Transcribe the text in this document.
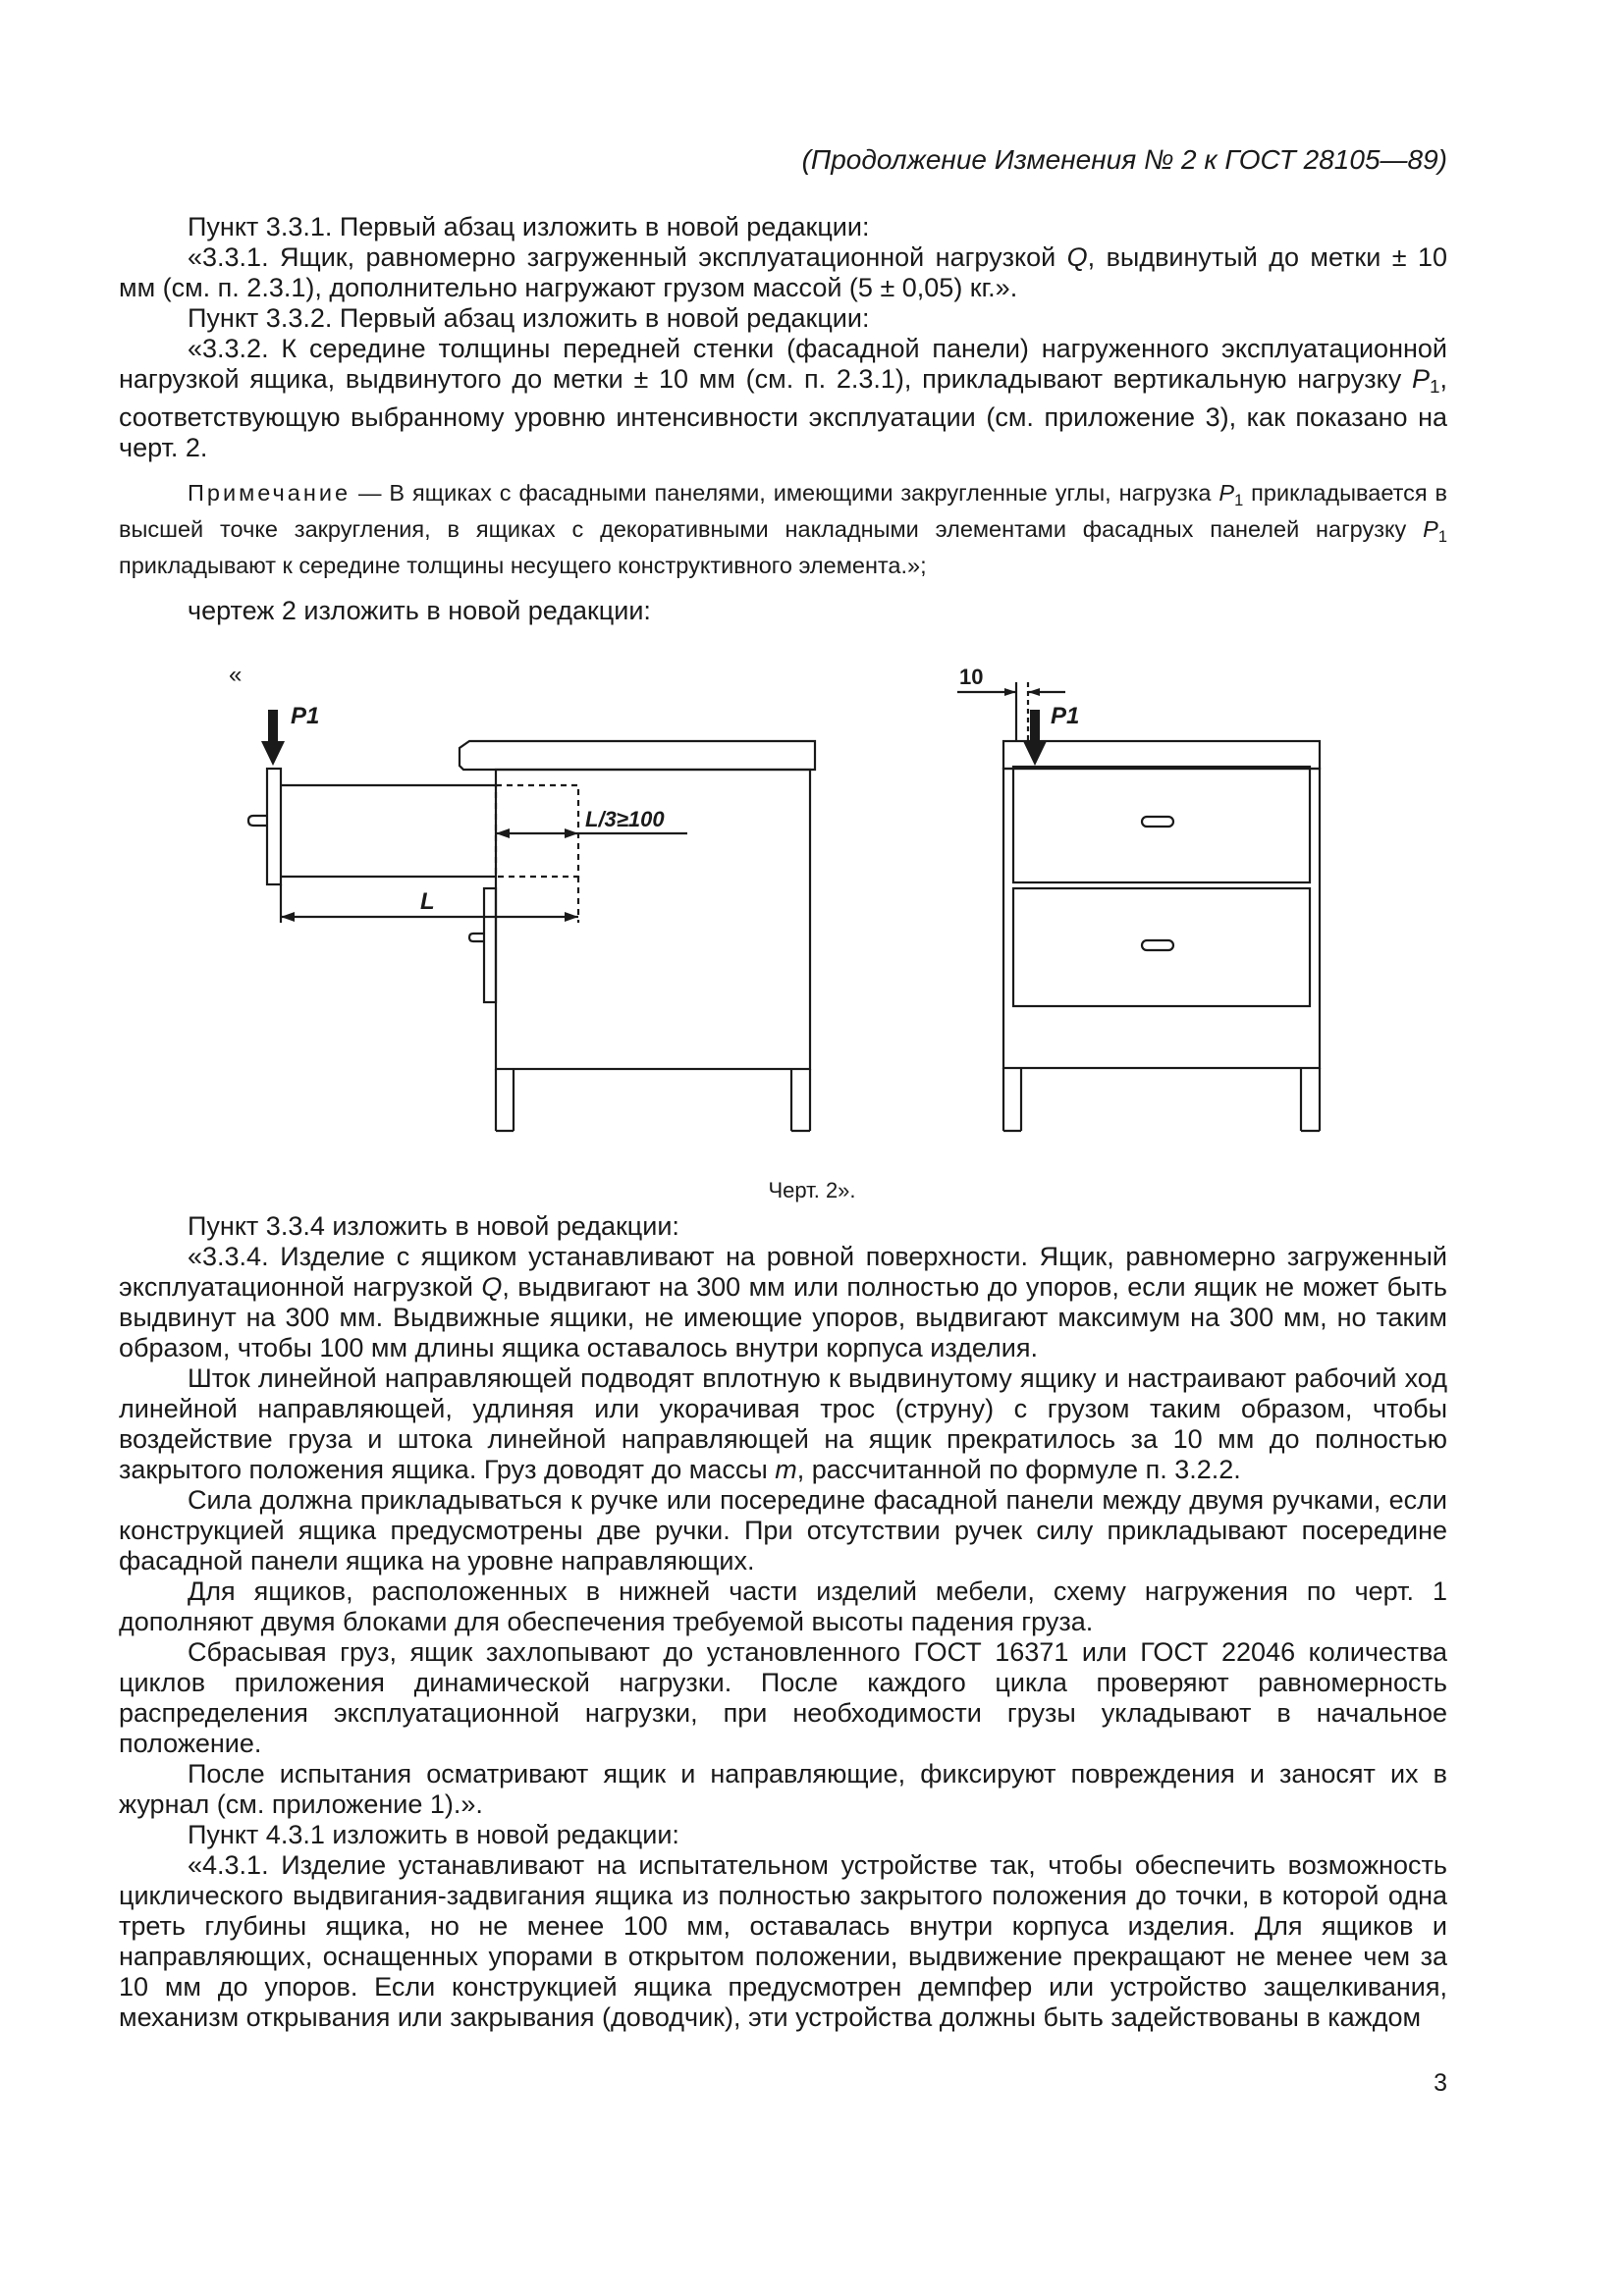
(Продолжение Изменения № 2 к ГОСТ 28105—89)

Пункт 3.3.1. Первый абзац изложить в новой редакции:

«3.3.1. Ящик, равномерно загруженный эксплуатационной нагрузкой Q, выдвинутый до метки ± 10 мм (см. п. 2.3.1), дополнительно нагружают грузом массой (5 ± 0,05) кг.».

Пункт 3.3.2. Первый абзац изложить в новой редакции:

«3.3.2. К середине толщины передней стенки (фасадной панели) нагруженного эксплуатационной нагрузкой ящика, выдвинутого до метки ± 10 мм (см. п. 2.3.1), прикладывают вертикальную нагрузку $P_1$, соответствующую выбранному уровню интенсивности эксплуатации (см. приложение 3), как показано на черт. 2.

Примечание — В ящиках с фасадными панелями, имеющими закругленные углы, нагрузка $P_1$ прикладывается в высшей точке закругления, в ящиках с декоративными накладными элементами фасадных панелей нагрузку $P_1$ прикладывают к середине толщины несущего конструктивного элемента.»;

чертеж 2 изложить в новой редакции:

«
P1
L/3≥100
L
10
P1
Черт. 2».

Пункт 3.3.4 изложить в новой редакции:

«3.3.4. Изделие с ящиком устанавливают на ровной поверхности. Ящик, равномерно загруженный эксплуатационной нагрузкой Q, выдвигают на 300 мм или полностью до упоров, если ящик не может быть выдвинут на 300 мм. Выдвижные ящики, не имеющие упоров, выдвигают максимум на 300 мм, но таким образом, чтобы 100 мм длины ящика оставалось внутри корпуса изделия.

Шток линейной направляющей подводят вплотную к выдвинутому ящику и настраивают рабочий ход линейной направляющей, удлиняя или укорачивая трос (струну) с грузом таким образом, чтобы воздействие груза и штока линейной направляющей на ящик прекратилось за 10 мм до полностью закрытого положения ящика. Груз доводят до массы m, рассчитанной по формуле п. 3.2.2.

Сила должна прикладываться к ручке или посередине фасадной панели между двумя ручками, если конструкцией ящика предусмотрены две ручки. При отсутствии ручек силу прикладывают посередине фасадной панели ящика на уровне направляющих.

Для ящиков, расположенных в нижней части изделий мебели, схему нагружения по черт. 1 дополняют двумя блоками для обеспечения требуемой высоты падения груза.

Сбрасывая груз, ящик захлопывают до установленного ГОСТ 16371 или ГОСТ 22046 количества циклов приложения динамической нагрузки. После каждого цикла проверяют равномерность распределения эксплуатационной нагрузки, при необходимости грузы укладывают в начальное положение.

После испытания осматривают ящик и направляющие, фиксируют повреждения и заносят их в журнал (см. приложение 1).».

Пункт 4.3.1 изложить в новой редакции:

«4.3.1. Изделие устанавливают на испытательном устройстве так, чтобы обеспечить возможность циклического выдвигания-задвигания ящика из полностью закрытого положения до точки, в которой одна треть глубины ящика, но не менее 100 мм, оставалась внутри корпуса изделия. Для ящиков и направляющих, оснащенных упорами в открытом положении, выдвижение прекращают не менее чем за 10 мм до упоров. Если конструкцией ящика предусмотрен демпфер или устройство защелкивания, механизм открывания или закрывания (доводчик), эти устройства должны быть задействованы в каждом

3
